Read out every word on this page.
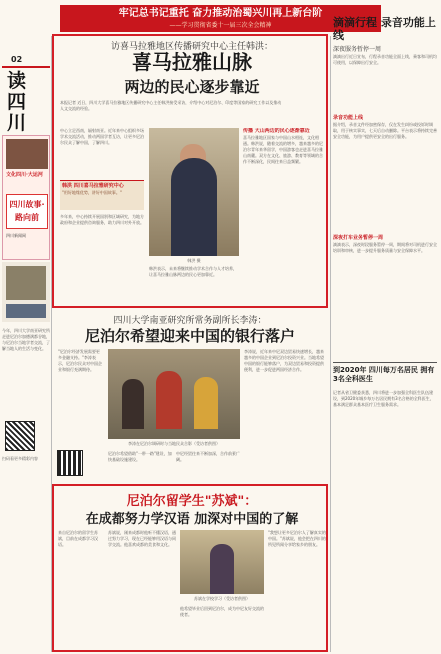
牢记总书记重托 奋力推动治蜀兴川再上新台阶
——学习贯彻省委十一届三次全会精神
02
读
四
川
文化四川·大运河
四川故事·路向前
四川新闻网
今年，四川大学南亚研究所走进尼泊尔加德满都谷地，与尼泊尔当地学者交流，了解当地人的生活与变化。
扫码看更多精彩内容
访喜马拉雅地区传播研究中心主任韩洪：
喜马拉雅山脉
两边的民心逐步靠近
本报记者 近日，四川大学喜马拉雅地区传播研究中心主任韩洪接受采访，介绍中心对尼泊尔、印度等国家的研究工作以及推动人文交流的经验。
中心立足西南，辐射南亚。近年来中心组织多场学术交流活动，推动两国学者互访，让更多尼泊尔民众了解中国，了解四川。
韩洪 摄
传播 大山两边的民心逐渐靠近
喜马拉雅地区国家与中国山水相连，文化相通。韩洪说，随着交流的增多，越来越多的尼泊尔青年来华留学，中国游客也走进喜马拉雅山南麓。双方在文化、旅游、教育等领域的合作不断深化，民间往来日益频繁。
韩洪 四川喜马拉雅研究中心
"用好地缘优势，讲好中国故事。"
多年来，中心持续开展国别和区域研究，为地方政府和企业提供咨询服务，助力四川对外开放。
韩洪表示，未来将继续推动学术合作与人才培养，让喜马拉雅山脉两边的民心更加靠近。
四川大学南亚研究所常务副所长李涛：
尼泊尔希望迎来中国的银行落户
"尼泊尔经济发展需要更多金融支持。"李涛表示，尼泊尔民众对中国企业和银行充满期待。
李涛在尼泊尔调研时与当地民众合影（受访者供图）
尼泊尔希望借助"一带一路"建设，加快基础设施建设。
中尼经贸往来不断加深，合作前景广阔。
李涛说，近年来中尼双边贸易快速增长，越来越多的中国企业到尼泊尔投资兴业。当地希望中国的银行能够落户，为双边贸易和投资提供便利，进一步促进两国经济合作。
尼泊尔留学生"苏斌"：
在成都努力学汉语 加深对中国的了解
来自尼泊尔的留学生苏斌，目前在成都学习汉语。
苏斌说，刚来成都时他听不懂汉语，通过努力学习，现在已经能够用汉语与同学交流。他喜欢成都的美食和文化。
苏斌在学校学习（受访者供图）
他希望毕业后回到尼泊尔，成为中尼友好交流的使者。
"我想让更多尼泊尔人了解真实的中国。"苏斌说，他会把在四川的所见所闻分享给家乡的朋友。
滴滴行程 录音功能上线
深夜服务暂停一周
滴滴出行近日宣布，行程录音功能全面上线，乘客和司机均可使用，以保障出行安全。
录音功能上线
据介绍，录音文件经加密保存，仅在发生纠纷或投诉时调取，用于核实事实，七天后自动删除。平台表示将持续完善安全功能，为用户提供更安全的出行服务。
深夜打车业务暂停一周
滴滴表示，深夜时段服务暂停一周，期间将对司机进行安全培训和审核，进一步提升服务质量与安全保障水平。
到2020年 四川每万名居民 拥有3名全科医生
记者从省卫健委获悉，四川将进一步加强全科医生队伍建设，到2020年城乡每万名居民拥有3名合格的全科医生，基本满足群众基本医疗卫生服务需求。
